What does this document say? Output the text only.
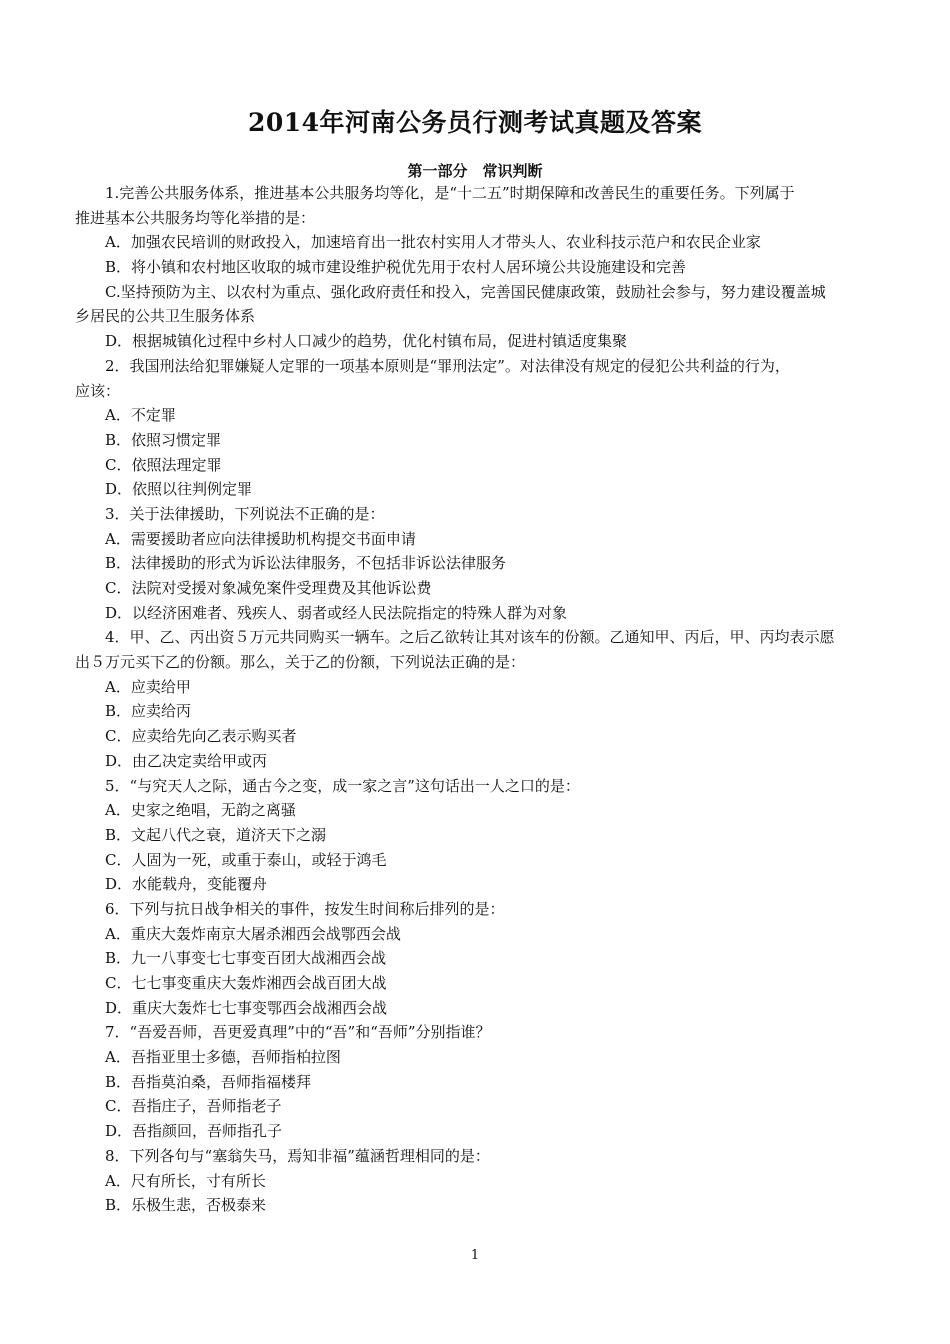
2014年河南公务员行测考试真题及答案
第一部分　常识判断
1.完善公共服务体系，推进基本公共服务均等化，是“十二五”时期保障和改善民生的重要任务。下列属于
推进基本公共服务均等化举措的是：
A．加强农民培训的财政投入，加速培育出一批农村实用人才带头人、农业科技示范户和农民企业家
B．将小镇和农村地区收取的城市建设维护税优先用于农村人居环境公共设施建设和完善
C.坚持预防为主、以农村为重点、强化政府责任和投入，完善国民健康政策，鼓励社会参与，努力建设覆盖城
乡居民的公共卫生服务体系
D．根据城镇化过程中乡村人口减少的趋势，优化村镇布局，促进村镇适度集聚
2．我国刑法给犯罪嫌疑人定罪的一项基本原则是“罪刑法定”。对法律没有规定的侵犯公共利益的行为，
应该：
A．不定罪
B．依照习惯定罪
C．依照法理定罪
D．依照以往判例定罪
3．关于法律援助，下列说法不正确的是：
A．需要援助者应向法律援助机构提交书面申请
B．法律援助的形式为诉讼法律服务，不包括非诉讼法律服务
C．法院对受援对象减免案件受理费及其他诉讼费
D．以经济困难者、残疾人、弱者或经人民法院指定的特殊人群为对象
4．甲、乙、丙出资５万元共同购买一辆车。之后乙欲转让其对该车的份额。乙通知甲、丙后，甲、丙均表示愿
出５万元买下乙的份额。那么，关于乙的份额，下列说法正确的是：
A．应卖给甲
B．应卖给丙
C．应卖给先向乙表示购买者
D．由乙决定卖给甲或丙
5．“与究天人之际，通古今之变，成一家之言”这句话出一人之口的是：
A．史家之绝唱，无韵之离骚
B．文起八代之衰，道济天下之溺
C．人固为一死，或重于泰山，或轻于鸿毛
D．水能载舟，变能覆舟
6．下列与抗日战争相关的事件，按发生时间称后排列的是：
A．重庆大轰炸南京大屠杀湘西会战鄂西会战
B．九一八事变七七事变百团大战湘西会战
C．七七事变重庆大轰炸湘西会战百团大战
D．重庆大轰炸七七事变鄂西会战湘西会战
7．“吾爱吾师，吾更爱真理”中的“吾”和“吾师”分别指谁？
A．吾指亚里士多德，吾师指柏拉图
B．吾指莫泊桑，吾师指福楼拜
C．吾指庄子，吾师指老子
D．吾指颜回，吾师指孔子
8．下列各句与“塞翁失马，焉知非福”蕴涵哲理相同的是：
A．尺有所长，寸有所长
B．乐极生悲，否极泰来
1
